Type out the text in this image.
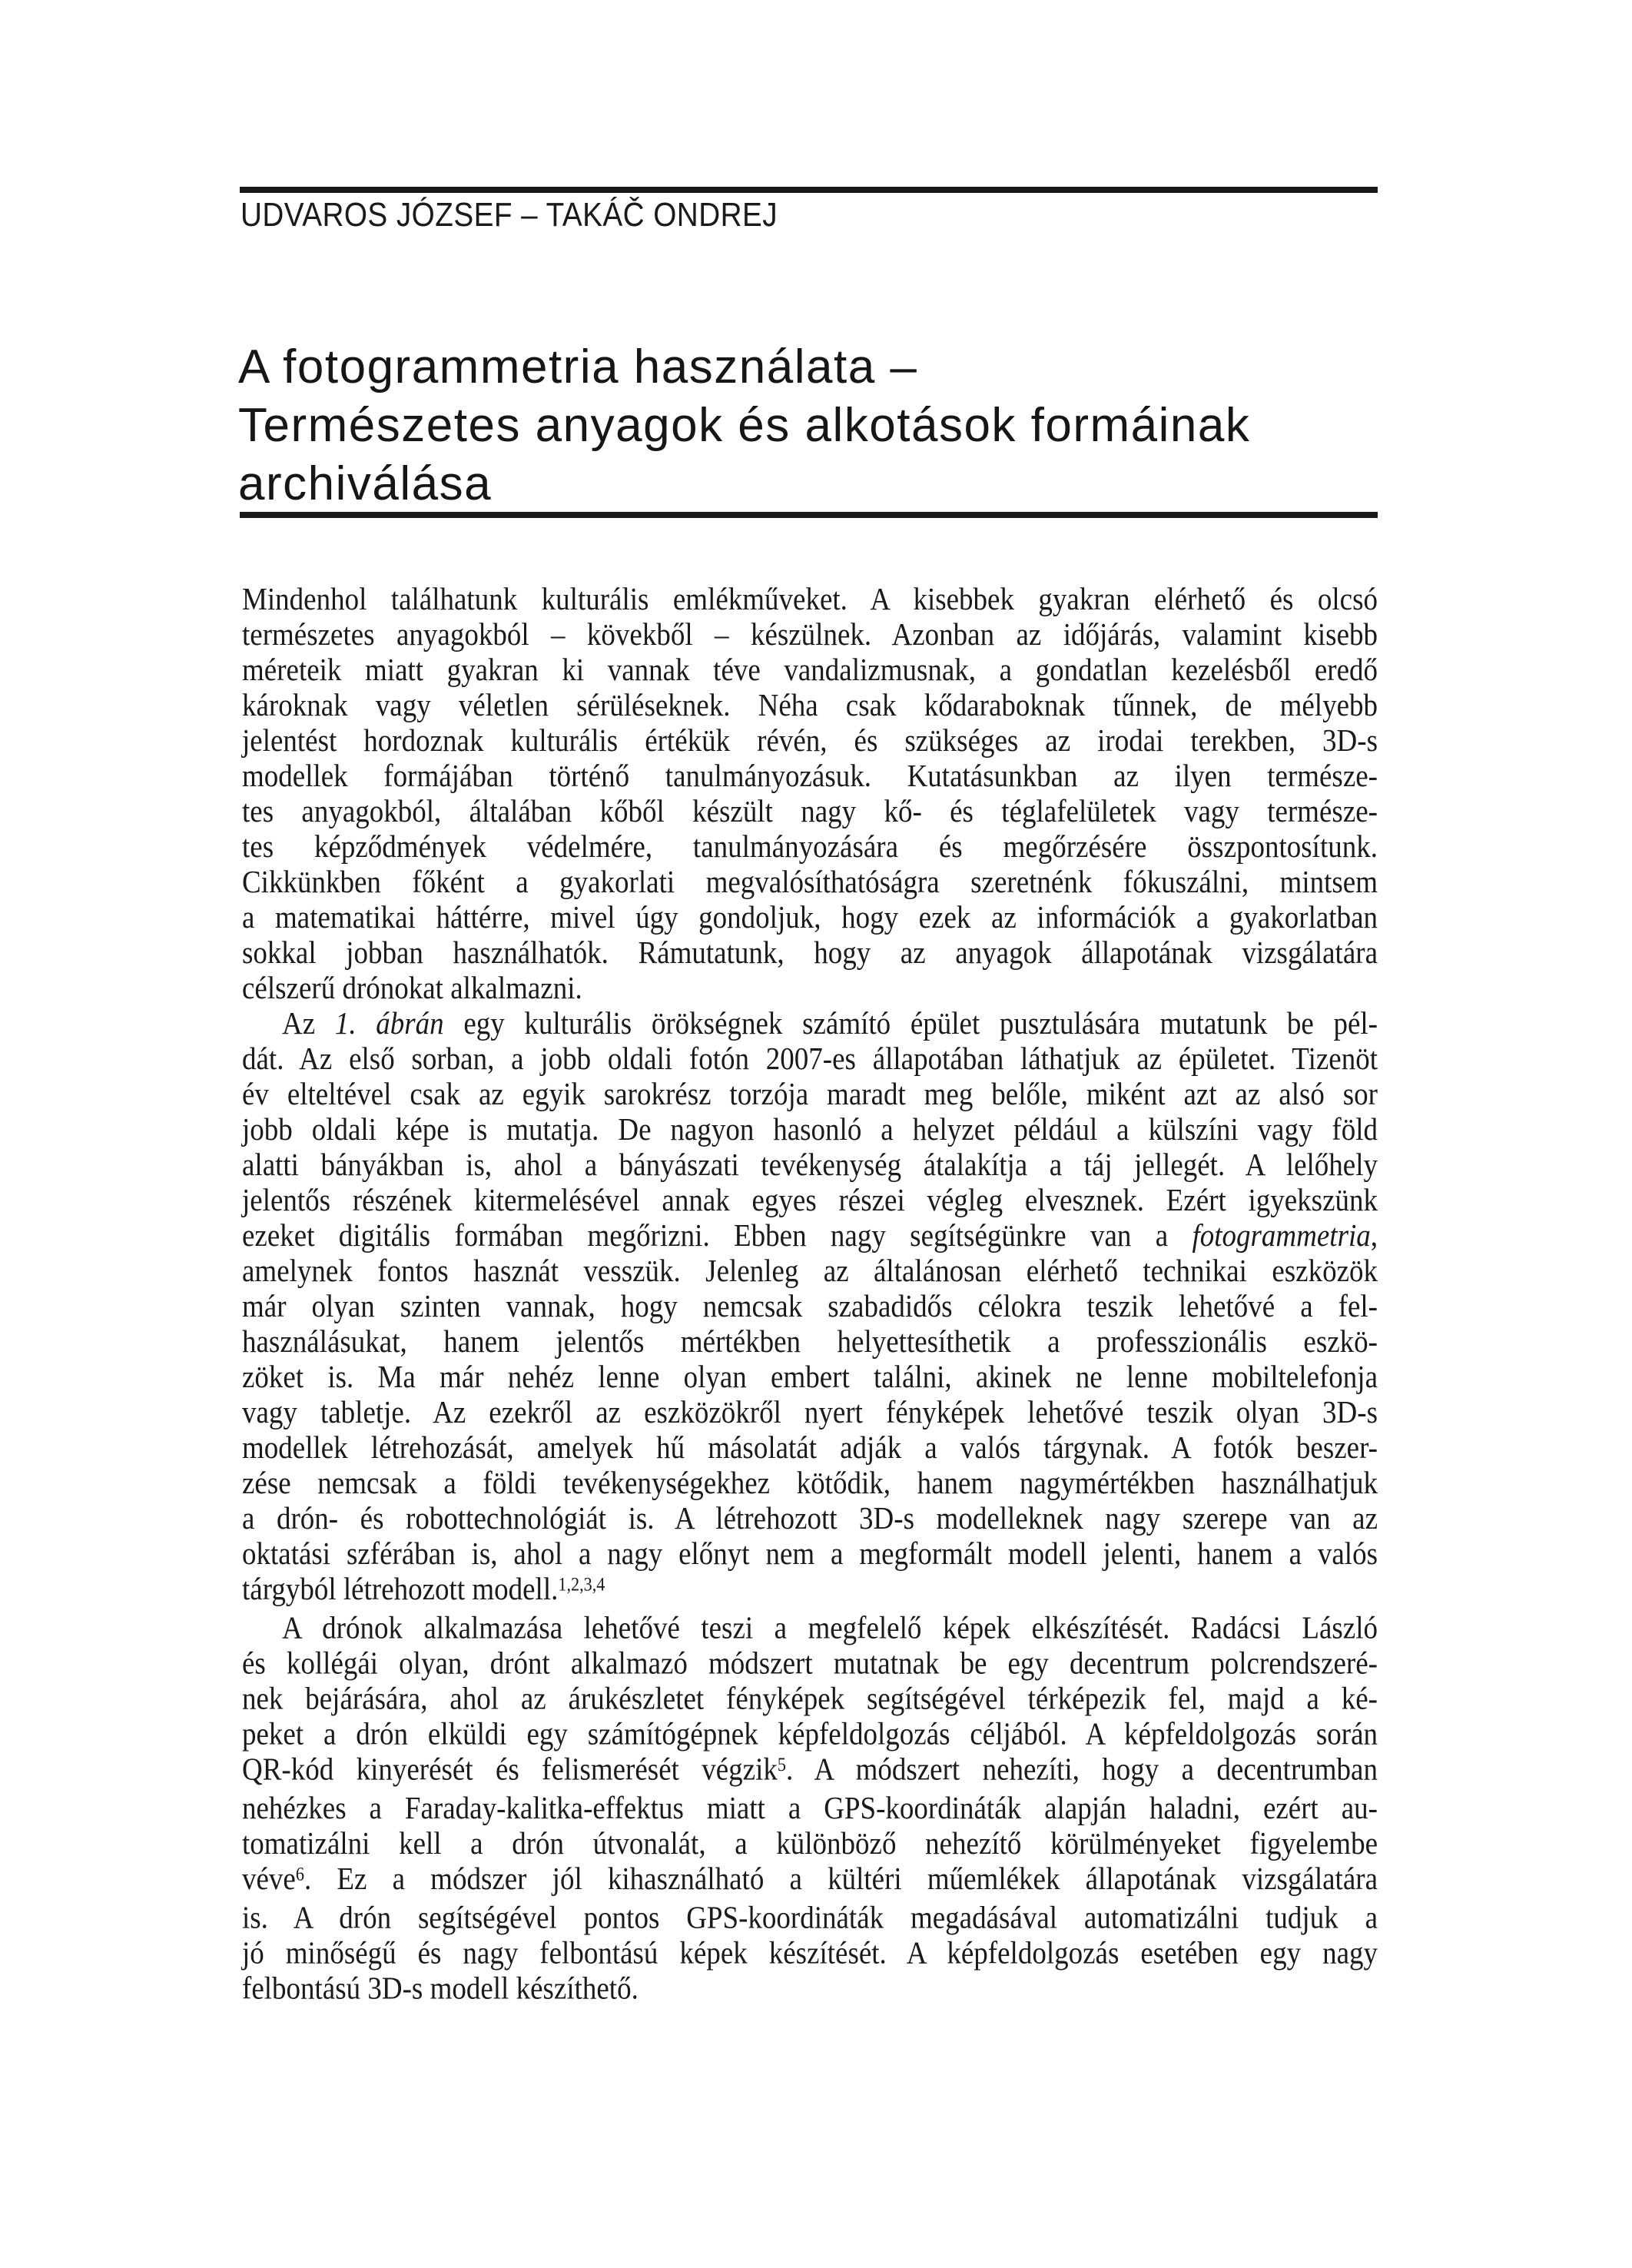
UDVAROS JÓZSEF – TAKÁČ ONDREJ
A fotogrammetria használata –
Természetes anyagok és alkotások formáinak
archiválása
Mindenhol találhatunk kulturális emlékműveket. A kisebbek gyakran elérhető és olcsó
természetes anyagokból – kövekből – készülnek. Azonban az időjárás, valamint kisebb
méreteik miatt gyakran ki vannak téve vandalizmusnak, a gondatlan kezelésből eredő
károknak vagy véletlen sérüléseknek. Néha csak kődaraboknak tűnnek, de mélyebb
jelentést hordoznak kulturális értékük révén, és szükséges az irodai terekben, 3D-s
modellek formájában történő tanulmányozásuk. Kutatásunkban az ilyen természe-
tes anyagokból, általában kőből készült nagy kő- és téglafelületek vagy természe-
tes képződmények védelmére, tanulmányozására és megőrzésére összpontosítunk.
Cikkünkben főként a gyakorlati megvalósíthatóságra szeretnénk fókuszálni, mintsem
a matematikai háttérre, mivel úgy gondoljuk, hogy ezek az információk a gyakorlatban
sokkal jobban használhatók. Rámutatunk, hogy az anyagok állapotának vizsgálatára
célszerű drónokat alkalmazni.
Az 1. ábrán egy kulturális örökségnek számító épület pusztulására mutatunk be pél-
dát. Az első sorban, a jobb oldali fotón 2007-es állapotában láthatjuk az épületet. Tizenöt
év elteltével csak az egyik sarokrész torzója maradt meg belőle, miként azt az alsó sor
jobb oldali képe is mutatja. De nagyon hasonló a helyzet például a külszíni vagy föld
alatti bányákban is, ahol a bányászati tevékenység átalakítja a táj jellegét. A lelőhely
jelentős részének kitermelésével annak egyes részei végleg elvesznek. Ezért igyekszünk
ezeket digitális formában megőrizni. Ebben nagy segítségünkre van a fotogrammetria,
amelynek fontos hasznát vesszük. Jelenleg az általánosan elérhető technikai eszközök
már olyan szinten vannak, hogy nemcsak szabadidős célokra teszik lehetővé a fel-
használásukat, hanem jelentős mértékben helyettesíthetik a professzionális eszkö-
zöket is. Ma már nehéz lenne olyan embert találni, akinek ne lenne mobiltelefonja
vagy tabletje. Az ezekről az eszközökről nyert fényképek lehetővé teszik olyan 3D-s
modellek létrehozását, amelyek hű másolatát adják a valós tárgynak. A fotók beszer-
zése nemcsak a földi tevékenységekhez kötődik, hanem nagymértékben használhatjuk
a drón- és robottechnológiát is. A létrehozott 3D-s modelleknek nagy szerepe van az
oktatási szférában is, ahol a nagy előnyt nem a megformált modell jelenti, hanem a valós
tárgyból létrehozott modell.$^{1,2,3,4}$
A drónok alkalmazása lehetővé teszi a megfelelő képek elkészítését. Radácsi László
és kollégái olyan, drónt alkalmazó módszert mutatnak be egy decentrum polcrendszeré-
nek bejárására, ahol az árukészletet fényképek segítségével térképezik fel, majd a ké-
peket a drón elküldi egy számítógépnek képfeldolgozás céljából. A képfeldolgozás során
QR-kód kinyerését és felismerését végzik$^5$. A módszert nehezíti, hogy a decentrumban
nehézkes a Faraday-kalitka-effektus miatt a GPS-koordináták alapján haladni, ezért au-
tomatizálni kell a drón útvonalát, a különböző nehezítő körülményeket figyelembe
véve$^6$. Ez a módszer jól kihasználható a kültéri műemlékek állapotának vizsgálatára
is. A drón segítségével pontos GPS-koordináták megadásával automatizálni tudjuk a
jó minőségű és nagy felbontású képek készítését. A képfeldolgozás esetében egy nagy
felbontású 3D-s modell készíthető.
